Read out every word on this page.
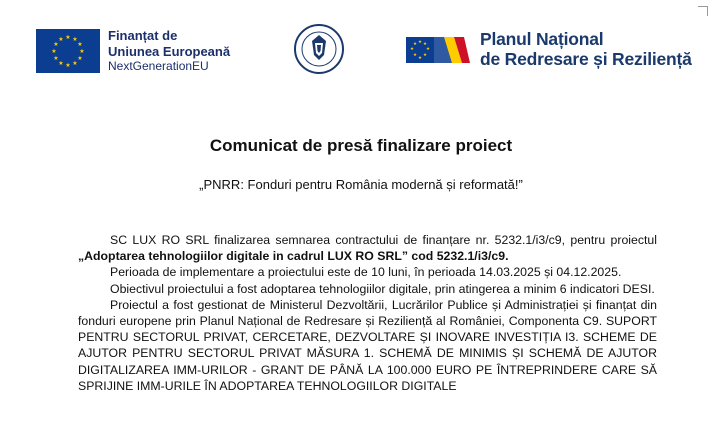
★ ★
★
★
★
★
★
★
★
★
★
★	Finanțat de
Uniunea Europeană
NextGenerationEU
★ ★
★
★
★
★
★
★	Planul Național
de Redresare și Reziliență
Comunicat de presă finalizare proiect
„PNRR: Fonduri pentru România modernă și reformată!”

SC LUX RO SRL finalizarea semnarea contractului de finanțare nr. 5232.1/i3/c9, pentru proiectul „Adoptarea tehnologiilor digitale in cadrul LUX RO SRL” cod 5232.1/i3/c9.

Perioada de implementare a proiectului este de 10 luni, în perioada 14.03.2025 și 04.12.2025.

Obiectivul proiectului a fost adoptarea tehnologiilor digitale, prin atingerea a minim 6 indicatori DESI.

Proiectul a fost gestionat de Ministerul Dezvoltării, Lucrărilor Publice și Administrației și finanțat din fonduri europene prin Planul Național de Redresare și Reziliență al României, Componenta C9. SUPORT PENTRU SECTORUL PRIVAT, CERCETARE, DEZVOLTARE ȘI INOVARE INVESTIȚIA I3. SCHEME DE AJUTOR PENTRU SECTORUL PRIVAT MĂSURA 1. SCHEMĂ DE MINIMIS ȘI SCHEMĂ DE AJUTOR DIGITALIZAREA IMM-URILOR - GRANT DE PÂNĂ LA 100.000 EURO PE ÎNTREPRINDERE CARE SĂ SPRIJINE IMM-URILE ÎN ADOPTAREA TEHNOLOGIILOR DIGITALE
